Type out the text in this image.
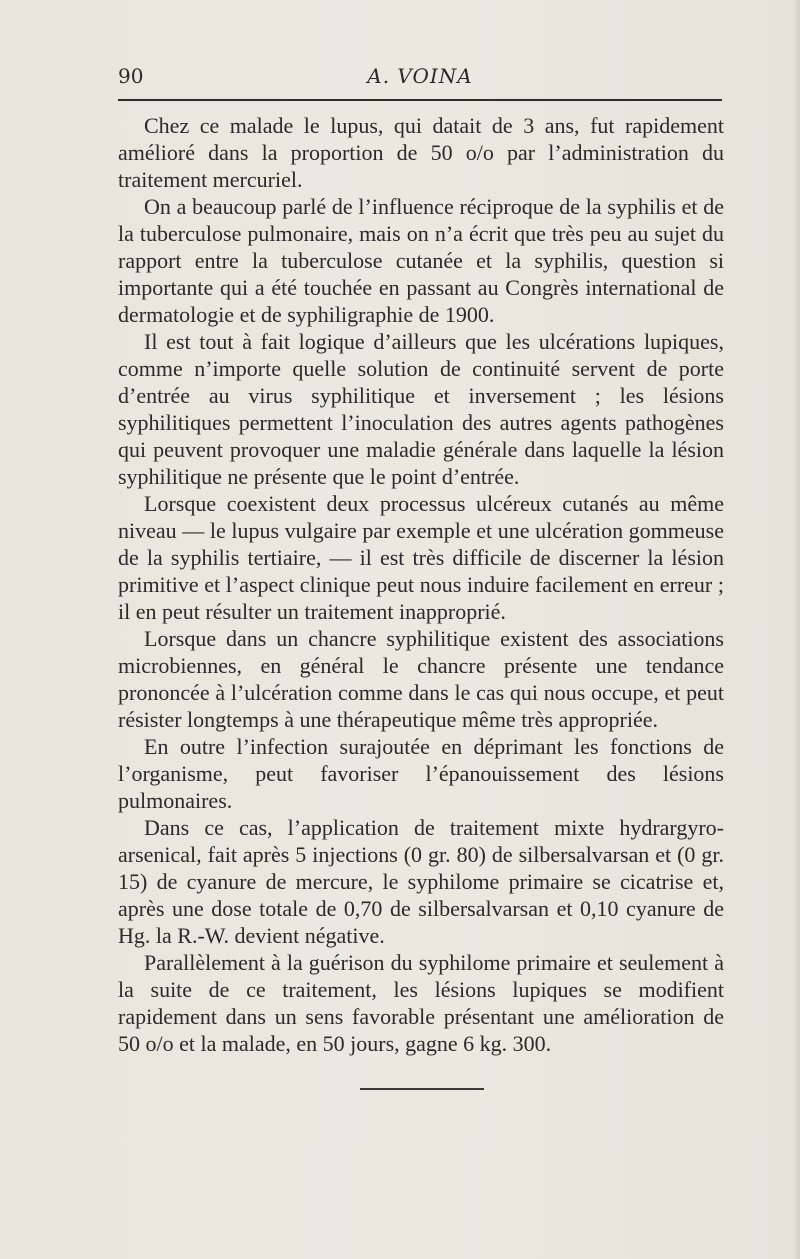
90	A. VOINA

Chez ce malade le lupus, qui datait de 3 ans, fut rapidement amélioré dans la proportion de 50 o/o par l’administration du traitement mercuriel.

On a beaucoup parlé de l’influence réciproque de la syphilis et de la tuberculose pulmonaire, mais on n’a écrit que très peu au sujet du rapport entre la tuberculose cutanée et la syphilis, question si importante qui a été touchée en passant au Congrès international de dermatologie et de syphiligraphie de 1900.

Il est tout à fait logique d’ailleurs que les ulcérations lupiques, comme n’importe quelle solution de continuité servent de porte d’entrée au virus syphilitique et inversement ; les lésions syphilitiques permettent l’inoculation des autres agents pathogènes qui peuvent provoquer une maladie générale dans laquelle la lésion syphilitique ne présente que le point d’entrée.

Lorsque coexistent deux processus ulcéreux cutanés au même niveau — le lupus vulgaire par exemple et une ulcération gommeuse de la syphilis tertiaire, — il est très difficile de discerner la lésion primitive et l’aspect clinique peut nous induire facilement en erreur ; il en peut résulter un traitement inapproprié.

Lorsque dans un chancre syphilitique existent des associations microbiennes, en général le chancre présente une tendance prononcée à l’ulcération comme dans le cas qui nous occupe, et peut résister longtemps à une thérapeutique même très appropriée.

En outre l’infection surajoutée en déprimant les fonctions de l’organisme, peut favoriser l’épanouissement des lésions pulmonaires.

Dans ce cas, l’application de traitement mixte hydrargyro-arsenical, fait après 5 injections (0 gr. 80) de silbersalvarsan et (0 gr. 15) de cyanure de mercure, le syphilome primaire se cicatrise et, après une dose totale de 0,70 de silbersalvarsan et 0,10 cyanure de Hg. la R.-W. devient négative.

Parallèlement à la guérison du syphilome primaire et seulement à la suite de ce traitement, les lésions lupiques se modifient rapidement dans un sens favorable présentant une amélioration de 50 o/o et la malade, en 50 jours, gagne 6 kg. 300.
